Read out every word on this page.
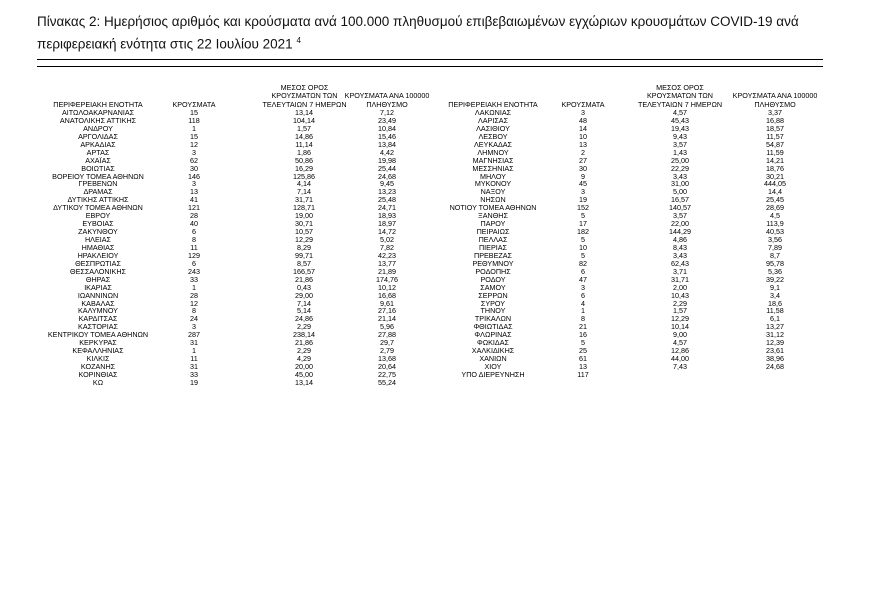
Πίνακας 2: Ημερήσιος αριθμός και κρούσματα ανά 100.000 πληθυσμού επιβεβαιωμένων εγχώριων κρουσμάτων COVID-19 ανά περιφερειακή ενότητα στις 22 Ιουλίου 2021 $^4$
ΠΕΡΙΦΕΡΕΙΑΚΗ ΕΝΟΤΗΤΑ	ΚΡΟΥΣΜΑΤΑ
ΜΕΣΟΣ ΟΡΟΣ
ΚΡΟΥΣΜΑΤΩΝ ΤΩΝ
ΤΕΛΕΥΤΑΙΩΝ 7 ΗΜΕΡΩΝ
ΚΡΟΥΣΜΑΤΑ ΑΝΑ 100000
ΠΛΗΘΥΣΜΟ
ΑΙΤΩΛΟΑΚΑΡΝΑΝΙΑΣ	15	13,14	7,12
ΑΝΑΤΟΛΙΚΗΣ ΑΤΤΙΚΗΣ	118	104,14	23,49
ΑΝΔΡΟΥ	1	1,57	10,84
ΑΡΓΟΛΙΔΑΣ	15	14,86	15,46
ΑΡΚΑΔΙΑΣ	12	11,14	13,84
ΑΡΤΑΣ	3	1,86	4,42
ΑΧΑΪΑΣ	62	50,86	19,98
ΒΟΙΩΤΙΑΣ	30	16,29	25,44
ΒΟΡΕΙΟΥ ΤΟΜΕΑ ΑΘΗΝΩΝ	146	125,86	24,68
ΓΡΕΒΕΝΩΝ	3	4,14	9,45
ΔΡΑΜΑΣ	13	7,14	13,23
ΔΥΤΙΚΗΣ ΑΤΤΙΚΗΣ	41	31,71	25,48
ΔΥΤΙΚΟΥ ΤΟΜΕΑ ΑΘΗΝΩΝ	121	128,71	24,71
ΕΒΡΟΥ	28	19,00	18,93
ΕΥΒΟΙΑΣ	40	30,71	18,97
ΖΑΚΥΝΘΟΥ	6	10,57	14,72
ΗΛΕΙΑΣ	8	12,29	5,02
ΗΜΑΘΙΑΣ	11	8,29	7,82
ΗΡΑΚΛΕΙΟΥ	129	99,71	42,23
ΘΕΣΠΡΩΤΙΑΣ	6	8,57	13,77
ΘΕΣΣΑΛΟΝΙΚΗΣ	243	166,57	21,89
ΘΗΡΑΣ	33	21,86	174,76
ΙΚΑΡΙΑΣ	1	0,43	10,12
ΙΩΑΝΝΙΝΩΝ	28	29,00	16,68
ΚΑΒΑΛΑΣ	12	7,14	9,61
ΚΑΛΥΜΝΟΥ	8	5,14	27,16
ΚΑΡΔΙΤΣΑΣ	24	24,86	21,14
ΚΑΣΤΟΡΙΑΣ	3	2,29	5,96
ΚΕΝΤΡΙΚΟΥ ΤΟΜΕΑ ΑΘΗΝΩΝ	287	238,14	27,88
ΚΕΡΚΥΡΑΣ	31	21,86	29,7
ΚΕΦΑΛΛΗΝΙΑΣ	1	2,29	2,79
ΚΙΛΚΙΣ	11	4,29	13,68
ΚΟΖΑΝΗΣ	31	20,00	20,64
ΚΟΡΙΝΘΙΑΣ	33	45,00	22,75
ΚΩ	19	13,14	55,24
ΠΕΡΙΦΕΡΕΙΑΚΗ ΕΝΟΤΗΤΑ	ΚΡΟΥΣΜΑΤΑ
ΜΕΣΟΣ ΟΡΟΣ
ΚΡΟΥΣΜΑΤΩΝ ΤΩΝ
ΤΕΛΕΥΤΑΙΩΝ 7 ΗΜΕΡΩΝ
ΚΡΟΥΣΜΑΤΑ ΑΝΑ 100000
ΠΛΗΘΥΣΜΟ
ΛΑΚΩΝΙΑΣ	3	4,57	3,37
ΛΑΡΙΣΑΣ	48	45,43	16,88
ΛΑΣΙΘΙΟΥ	14	19,43	18,57
ΛΕΣΒΟΥ	10	9,43	11,57
ΛΕΥΚΑΔΑΣ	13	3,57	54,87
ΛΗΜΝΟΥ	2	1,43	11,59
ΜΑΓΝΗΣΙΑΣ	27	25,00	14,21
ΜΕΣΣΗΝΙΑΣ	30	22,29	18,76
ΜΗΛΟΥ	9	3,43	30,21
ΜΥΚΟΝΟΥ	45	31,00	444,05
ΝΑΞΟΥ	3	5,00	14,4
ΝΗΣΩΝ	19	16,57	25,45
ΝΟΤΙΟΥ ΤΟΜΕΑ ΑΘΗΝΩΝ	152	140,57	28,69
ΞΑΝΘΗΣ	5	3,57	4,5
ΠΑΡΟΥ	17	22,00	113,9
ΠΕΙΡΑΙΩΣ	182	144,29	40,53
ΠΕΛΛΑΣ	5	4,86	3,56
ΠΙΕΡΙΑΣ	10	8,43	7,89
ΠΡΕΒΕΖΑΣ	5	3,43	8,7
ΡΕΘΥΜΝΟΥ	82	62,43	95,78
ΡΟΔΟΠΗΣ	6	3,71	5,36
ΡΟΔΟΥ	47	31,71	39,22
ΣΑΜΟΥ	3	2,00	9,1
ΣΕΡΡΩΝ	6	10,43	3,4
ΣΥΡΟΥ	4	2,29	18,6
ΤΗΝΟΥ	1	1,57	11,58
ΤΡΙΚΑΛΩΝ	8	12,29	6,1
ΦΘΙΩΤΙΔΑΣ	21	10,14	13,27
ΦΛΩΡΙΝΑΣ	16	9,00	31,12
ΦΩΚΙΔΑΣ	5	4,57	12,39
ΧΑΛΚΙΔΙΚΗΣ	25	12,86	23,61
ΧΑΝΙΩΝ	61	44,00	38,96
ΧΙΟΥ	13	7,43	24,68
ΥΠΟ ΔΙΕΡΕΥΝΗΣΗ	117
